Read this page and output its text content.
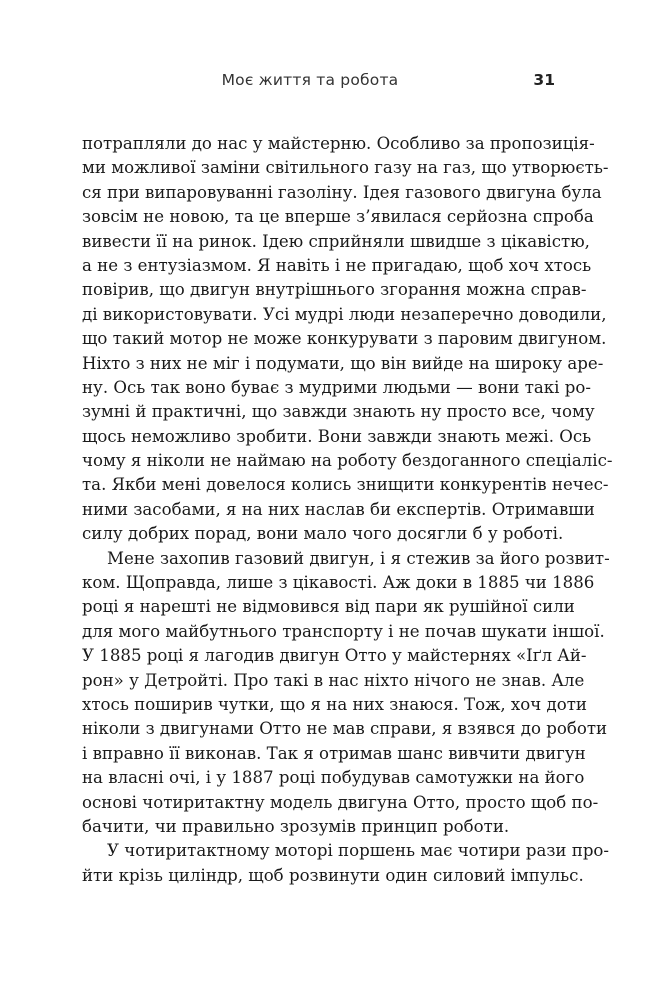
Моє життя та робота	31
потрапляли до нас у майстерню. Особливо за пропозиція-
ми можливої заміни світильного газу на газ, що утворюєть-
ся при випаровуванні газоліну. Ідея газового двигуна була
зовсім не новою, та це вперше з’явилася серйозна спроба
вивести її на ринок. Ідею сприйняли швидше з цікавістю,
а не з ентузіазмом. Я навіть і не пригадаю, щоб хоч хтось
повірив, що двигун внутрішнього згорання можна справ-
ді використовувати. Усі мудрі люди незаперечно доводили,
що такий мотор не може конкурувати з паровим двигуном.
Ніхто з них не міг і подумати, що він вийде на широку аре-
ну. Ось так воно буває з мудрими людьми — вони такі ро-
зумні й практичні, що завжди знають ну просто все, чому
щось неможливо зробити. Вони завжди знають межі. Ось
чому я ніколи не наймаю на роботу бездоганного спеціаліс-
та. Якби мені довелося колись знищити конкурентів нечес-
ними засобами, я на них наслав би експертів. Отримавши
силу добрих порад, вони мало чого досягли б у роботі.
Мене захопив газовий двигун, і я стежив за його розвит-
ком. Щоправда, лише з цікавості. Аж доки в 1885 чи 1886
році я нарешті не відмовився від пари як рушійної сили
для мого майбутнього транспорту і не почав шукати іншої.
У 1885 році я лагодив двигун Отто у майстернях «Іґл Ай-
рон» у Детройті. Про такі в нас ніхто нічого не знав. Але
хтось поширив чутки, що я на них знаюся. Тож, хоч доти
ніколи з двигунами Отто не мав справи, я взявся до роботи
і вправно її виконав. Так я отримав шанс вивчити двигун
на власні очі, і у 1887 році побудував самотужки на його
основі чотиритактну модель двигуна Отто, просто щоб по-
бачити, чи правильно зрозумів принцип роботи.
У чотиритактному моторі поршень має чотири рази про-
йти крізь циліндр, щоб розвинути один силовий імпульс.
